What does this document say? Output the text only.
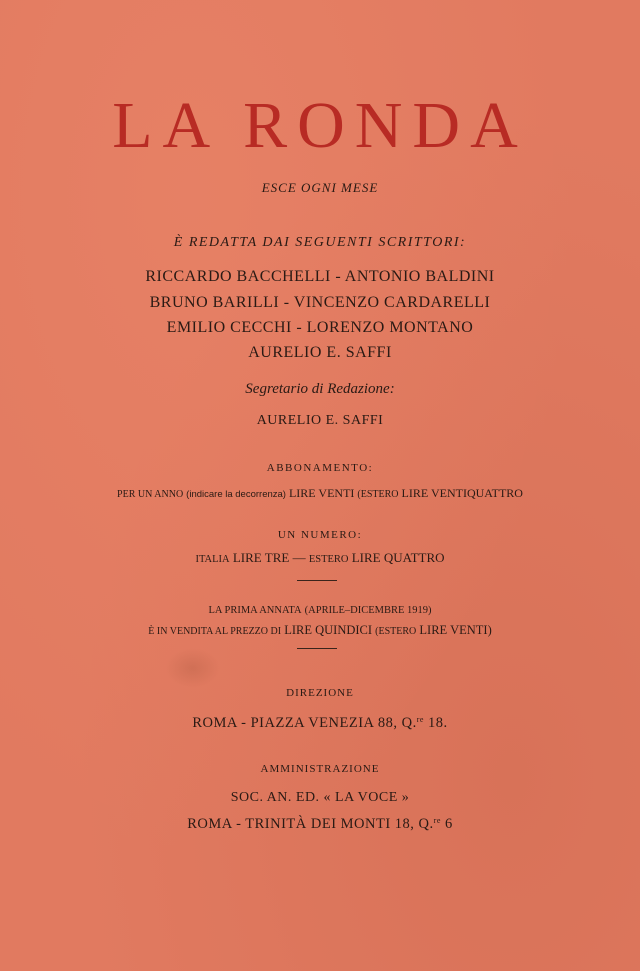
LA RONDA
ESCE OGNI MESE
È REDATTA DAI SEGUENTI SCRITTORI:
RICCARDO BACCHELLI - ANTONIO BALDINI
BRUNO BARILLI - VINCENZO CARDARELLI
EMILIO CECCHI - LORENZO MONTANO
AURELIO E. SAFFI
Segretario di Redazione:
AURELIO E. SAFFI
ABBONAMENTO:
PER UN ANNO (indicare la decorrenza) LIRE VENTI (ESTERO LIRE VENTIQUATTRO
UN NUMERO:
ITALIA LIRE TRE — ESTERO LIRE QUATTRO
LA PRIMA ANNATA (APRILE–DICEMBRE 1919)
È IN VENDITA AL PREZZO DI LIRE QUINDICI (ESTERO LIRE VENTI)
DIREZIONE
ROMA - PIAZZA VENEZIA 88, Q.$^{re}$ 18.
AMMINISTRAZIONE
SOC. AN. ED. « LA VOCE »
ROMA - TRINITÀ DEI MONTI 18, Q.$^{re}$ 6
